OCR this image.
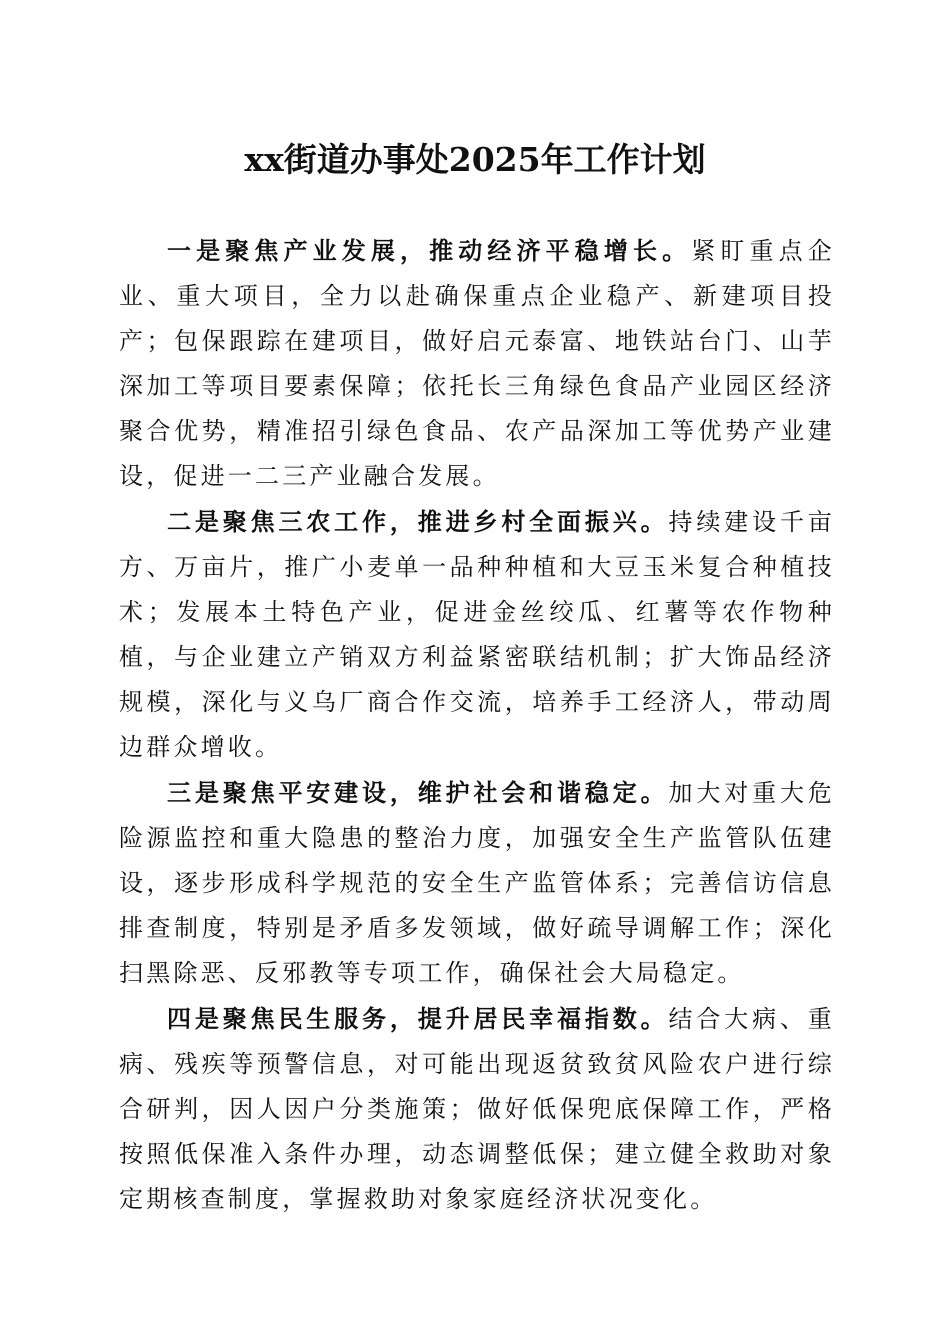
xx街道办事处2025年工作计划

一是聚焦产业发展，推动经济平稳增长。紧盯重点企业、重大项目，全力以赴确保重点企业稳产、新建项目投产；包保跟踪在建项目，做好启元泰富、地铁站台门、山芋深加工等项目要素保障；依托长三角绿色食品产业园区经济聚合优势，精准招引绿色食品、农产品深加工等优势产业建设，促进一二三产业融合发展。

二是聚焦三农工作，推进乡村全面振兴。持续建设千亩方、万亩片，推广小麦单一品种种植和大豆玉米复合种植技术；发展本土特色产业，促进金丝绞瓜、红薯等农作物种植，与企业建立产销双方利益紧密联结机制；扩大饰品经济规模，深化与义乌厂商合作交流，培养手工经济人，带动周边群众增收。

三是聚焦平安建设，维护社会和谐稳定。加大对重大危险源监控和重大隐患的整治力度，加强安全生产监管队伍建设，逐步形成科学规范的安全生产监管体系；完善信访信息排查制度，特别是矛盾多发领域，做好疏导调解工作；深化扫黑除恶、反邪教等专项工作，确保社会大局稳定。

四是聚焦民生服务，提升居民幸福指数。结合大病、重病、残疾等预警信息，对可能出现返贫致贫风险农户进行综合研判，因人因户分类施策；做好低保兜底保障工作，严格按照低保准入条件办理，动态调整低保；建立健全救助对象定期核查制度，掌握救助对象家庭经济状况变化。
